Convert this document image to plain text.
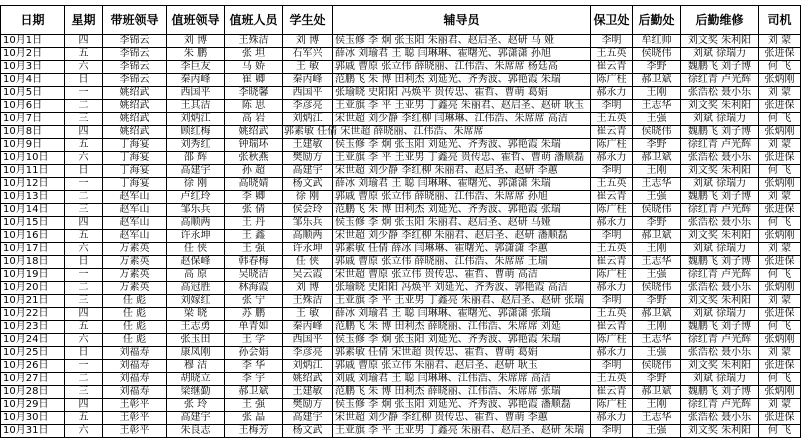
日期	星期	带班领导	值班领导	值班人员	学生处	辅导员	保卫处	后勤处	后勤维修	司机
10月1日	四	李锦云	刘 博	王殊洁	刘 博	侯玉修 李 炯 张玉阳 朱丽君、赵启圣、赵研 马 娅	李明	牟红帅	刘文奖 朱利阳	刘 蒙
10月2日	五	李锦云	朱 鹏	张 坦	石军兴	薛冰 刘瑜君 王 聪 闫琳琳、霍曙光、郭潇潇 孙旭	王五英	侯晓伟	刘斌 徐瑞力	张进保
10月3日	六	李锦云	李巨友	马 娇	王 敏	郭戚 曹原 张立伟 薛晓丽、江伟浩、朱席席 杨廷高	崔云青	李野	魏鹏飞 刘子博	何 飞
10月4日	日	李锦云	秦丙峰	崔 卿	秦丙峰	范鹏飞 朱 博 田利杰 刘延光、齐秀波、郭艳霞 朱瑞	陈广柱	郝卫斌	徐红青 卢光辉	张炳刚
10月5日	一	姚绍武	西国平	李晓馨	西国平	张瑜晓 史阳阳 冯焕平 贵传忠、霍哲、曹萌 葛娟	郝永力	王刚	张浩松 聂小乐	刘 蒙
10月6日	二	姚绍武	王其洁	陈 思	李彦亮	王亚旗 李 平 王亚男 丁鑫亮 朱丽君、赵启圣、赵研 耿玉	李明	王志华	刘文奖 朱利阳	张进保
10月7日	三	姚绍武	刘炳江	高 岩	刘炳江	宋世超 刘少静 李红柳 闫琳琳、江伟浩、朱席席 高洁	王五英	王强	刘斌 徐瑞力	何 飞
10月8日	四	姚绍武	顾红梅	姚绍武	郭素敏 任倩 宋世超 薛晓丽、江伟浩、朱席席		崔云青	侯晓伟	魏鹏飞 刘子博	张炳刚
10月9日	五	丁海宴	刘秀红	钟瑞环	王建敏	侯玉修 李 炯 张玉阳 刘延光、齐秀波、郭艳霞 朱瑞	陈广柱	李野	徐红青 卢光辉	刘 蒙
10月10日	六	丁海宴	邵 辉	张秋燕	樊励方	王亚旗 李 平 王亚男 丁鑫亮 贵传忠、霍哲、曹萌 潘顺磊	郝永力	郝卫斌	张浩松 聂小乐	张进保
10月11日	日	丁海宴	高建宇	孙 超	高建宇	宋世超 刘少静 李红柳 朱丽君、赵启圣、赵研 李蕙	李明	王刚	刘文奖 朱利阳	何 飞
10月12日	一	丁海宴	徐 刚	高晓婧	杨文武	薛冰 刘瑜君 王 聪 闫琳琳、霍曙光、郭潇潇 朱瑞	王五英	王志华	刘斌 徐瑞力	张炳刚
10月13日	二	赵军山	卢红玲	李 卿	徐 刚	郭戚 曹原 张立伟 薛晓丽、江伟浩、朱席席 孙旭	崔云青	王强	魏鹏飞 刘子博	刘 蒙
10月14日	三	赵军山	邹乐兵	张 倩	侯会玲	范鹏飞 朱 博 田利杰 刘延光、齐秀波、郭艳霞 张瑞	陈广柱	侯晓伟	徐红青 卢光辉	张进保
10月15日	四	赵军山	高顺两	王 丹	邹乐兵	侯玉修 李 炯 张玉阳 朱丽君、赵启圣、赵研 马娅	郝永力	李野	张浩松 聂小乐	何 飞
10月16日	五	赵军山	许永坤	王 鑫	高顺两	宋世超 刘少静 李红柳 朱丽君、赵启圣、赵研 潘顺磊	李明	郝卫斌	刘文奖 朱利阳	张炳刚
10月17日	六	万素英	任 侠	王 强	许永坤	郭素敏 任倩 薛冰 闫琳琳、霍曙光、郭潇潇 李蕙	王五英	王刚	刘斌 徐瑞力	刘 蒙
10月18日	日	万素英	赵保峰	韩春梅	任 侠	郭戚 曹原 张立伟 薛晓丽、江伟浩、朱席席 王瑞	崔云青	王志华	魏鹏飞 刘子博	张进保
10月19日	一	万素英	高 原	吴晓洁	吴云霞	宋世超 曹原 张立伟 贵传忠、霍哲、曹萌 高洁	陈广柱	王强	徐红青 卢光辉	何 飞
10月20日	二	万素英	高冠胜	林海霞	刘 博	张瑜晓 史阳阳 冯焕平 刘延光、齐秀波、郭艳霞 高洁	郝永力	侯晓伟	张浩松 聂小乐	张炳刚
10月21日	三	任 彪	刘嫁红	张 宁	王殊洁	王亚旗 李 平 王亚男 丁鑫亮 朱丽君、赵启圣、赵研 张瑞	李明	李野	刘文奖 朱利阳	刘 蒙
10月22日	四	任 彪	梁 晓	苏 鹏	王 敏	薛冰 刘瑜君 王 聪 闫琳琳、霍曙光、郭潇潇 张瑞	王五英	郝卫斌	刘斌 徐瑞力	张进保
10月23日	五	任 彪	王志勇	单青如	秦丙峰	范鹏飞 朱 博 田利杰 薛晓丽、江伟浩、朱席席 刘延	崔云青	王刚	魏鹏飞 刘子博	何 飞
10月24日	六	任 彪	张玉田	王 学	西国平	侯玉修 李 炯 张玉阳 刘延光、齐秀波、郭艳霞 朱瑞	陈广柱	王志华	徐红青 卢光辉	张炳刚
10月25日	日	刘福寿	康凤刚	孙会娟	李彦亮	郭素敏 任倩 宋世超 贵传忠、霍哲、曹萌 葛娟	郝永力	王强	张浩松 聂小乐	刘 蒙
10月26日	一	刘福寿	穆 洁	李 华	刘炳江	郭戚 曹原 张立伟 朱丽君、赵启圣、赵研 耿玉	李明	侯晓伟	刘文奖 朱利阳	张进保
10月27日	二	刘福寿	胡晓立	李 宇	姚绍武	刘戚 刘瑜君 王 聪 闫琳琳、江伟浩、朱席席 高洁	王五英	李野	刘斌 徐瑞力	何 飞
10月28日	三	刘福寿	梁继勤	郝卫斌	王建敏	范鹏飞 朱 博 田利杰 薛晓丽、江伟浩、朱席席 张瑞	崔云青	郝卫斌	魏鹏飞 刘子博	张炳刚
10月29日	四	王彰平	张 玲	王 强	樊励方	侯玉修 李 炯 张玉阳 刘延光、齐秀波、郭艳霞 潘顺磊	陈广柱	王刚	徐红青 卢光辉	刘 蒙
10月30日	五	王彰平	高建宇	张 晶	高建宇	宋世超 刘少静 李红柳 贵传忠、霍哲、曹萌 李蕙	郝永力	王志华	张浩松 聂小乐	张进保
10月31日	六	王彰平	朱良志	王梅芳	杨文武	王亚旗 李 平 王亚男 丁鑫亮 朱丽君、赵启圣、赵研 朱瑞	李明	王强	刘文奖 朱利阳	何 飞
